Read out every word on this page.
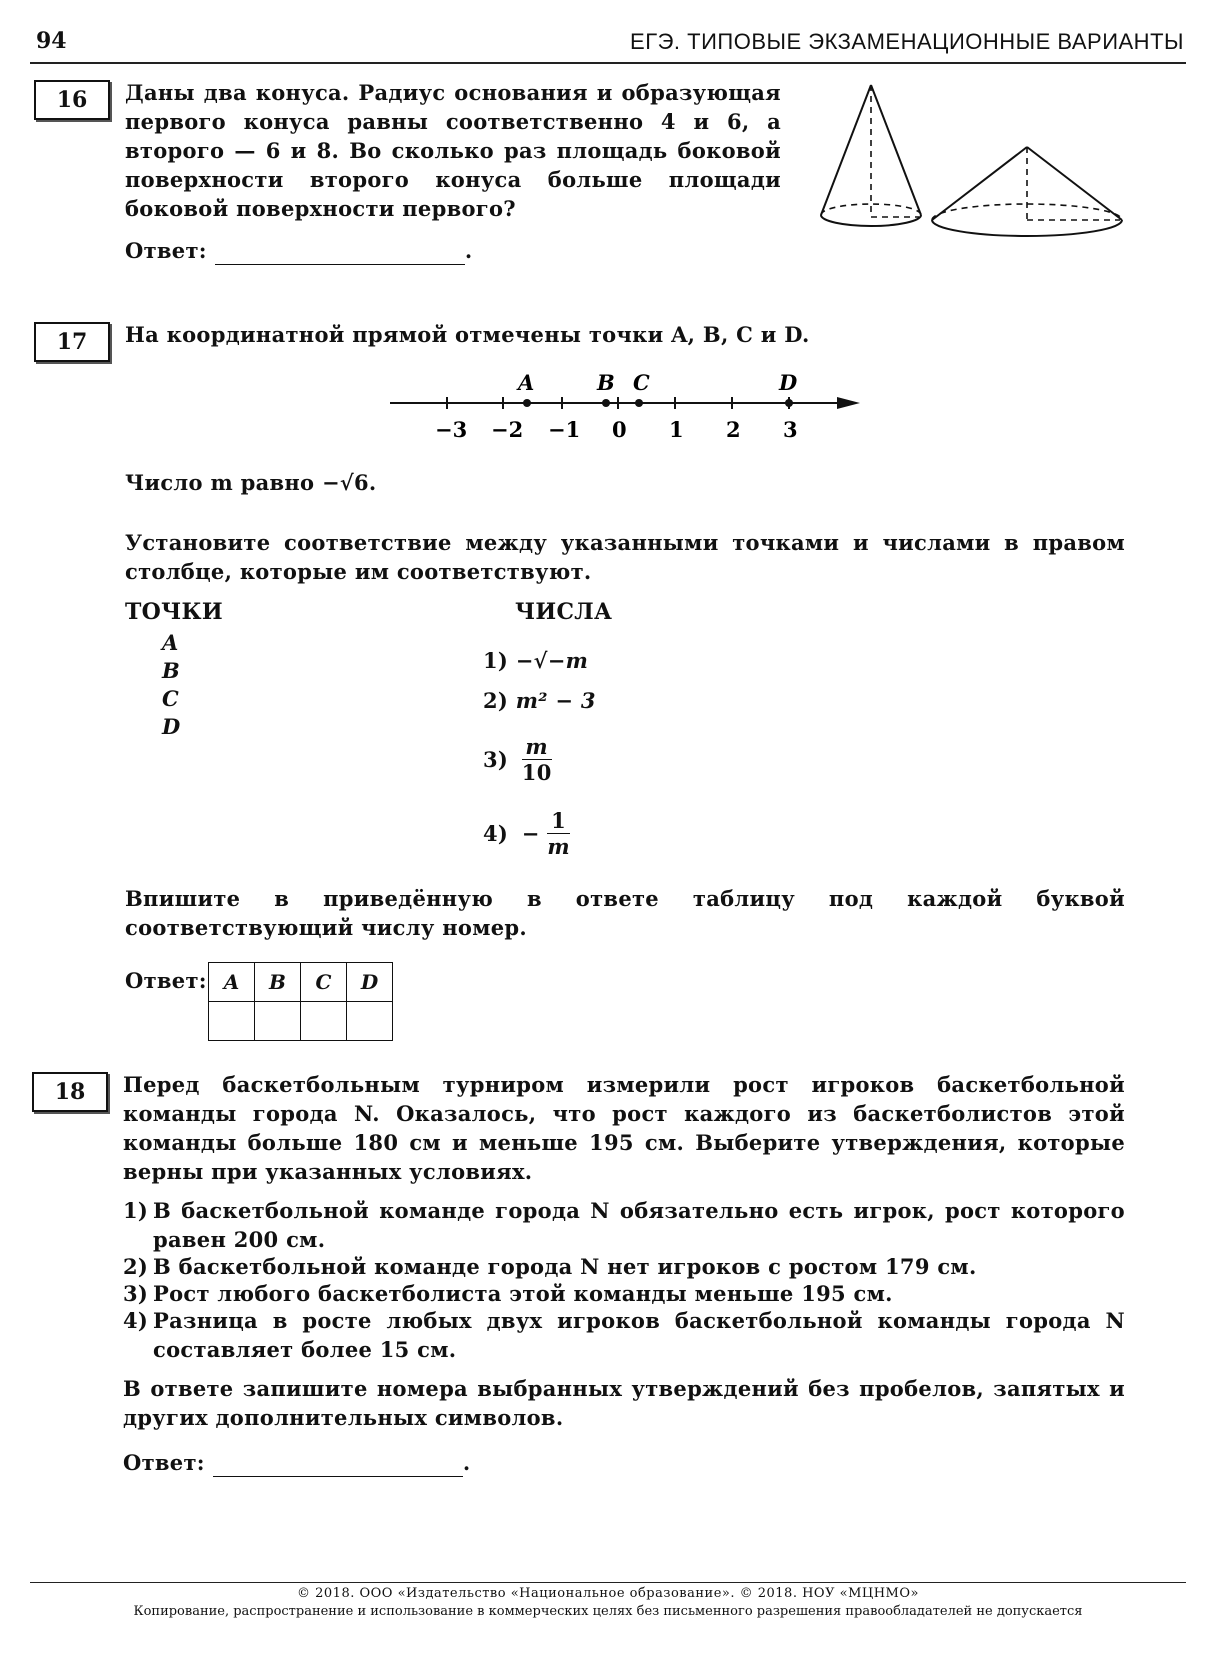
94	ЕГЭ. ТИПОВЫЕ ЭКЗАМЕНАЦИОННЫЕ ВАРИАНТЫ
16	Даны два конуса. Радиус основания и образующая первого конуса равны соответственно 4 и 6, а второго — 6 и 8. Во сколько раз площадь боковой поверхности второго конуса больше площади боковой поверхности первого?
Ответ:	.
17	На координатной прямой отмечены точки A, B, C и D.
−3 −2 −1 0 1 2 3
A	B C	D
Число m равно −√6.
Установите соответствие между указанными точками и числами в правом столбце, которые им соответствуют.
ТОЧКИ	ЧИСЛА
A
B
C
D
1) −√−m
2) m² − 3
$3) \frac{m}{10}$
$4) - \frac{1}{m}$
Впишите в приведённую в ответе таблицу под каждой буквой соответствующий числу номер.
Ответ: A	B	C	D

18	Перед баскетбольным турниром измерили рост игроков баскетбольной команды города N. Оказалось, что рост каждого из баскетболистов этой команды больше 180 см и меньше 195 см. Выберите утверждения, которые верны при указанных условиях.
1) В баскетбольной команде города N обязательно есть игрок, рост которого равен 200 см.
2) В баскетбольной команде города N нет игроков с ростом 179 см.
3) Рост любого баскетболиста этой команды меньше 195 см.
4) Разница в росте любых двух игроков баскетбольной команды города N составляет более 15 см.
В ответе запишите номера выбранных утверждений без пробелов, запятых и других дополнительных символов.
Ответ:	.
© 2018. ООО «Издательство «Национальное образование». © 2018. НОУ «МЦНМО»
Копирование, распространение и использование в коммерческих целях без письменного разрешения правообладателей не допускается
